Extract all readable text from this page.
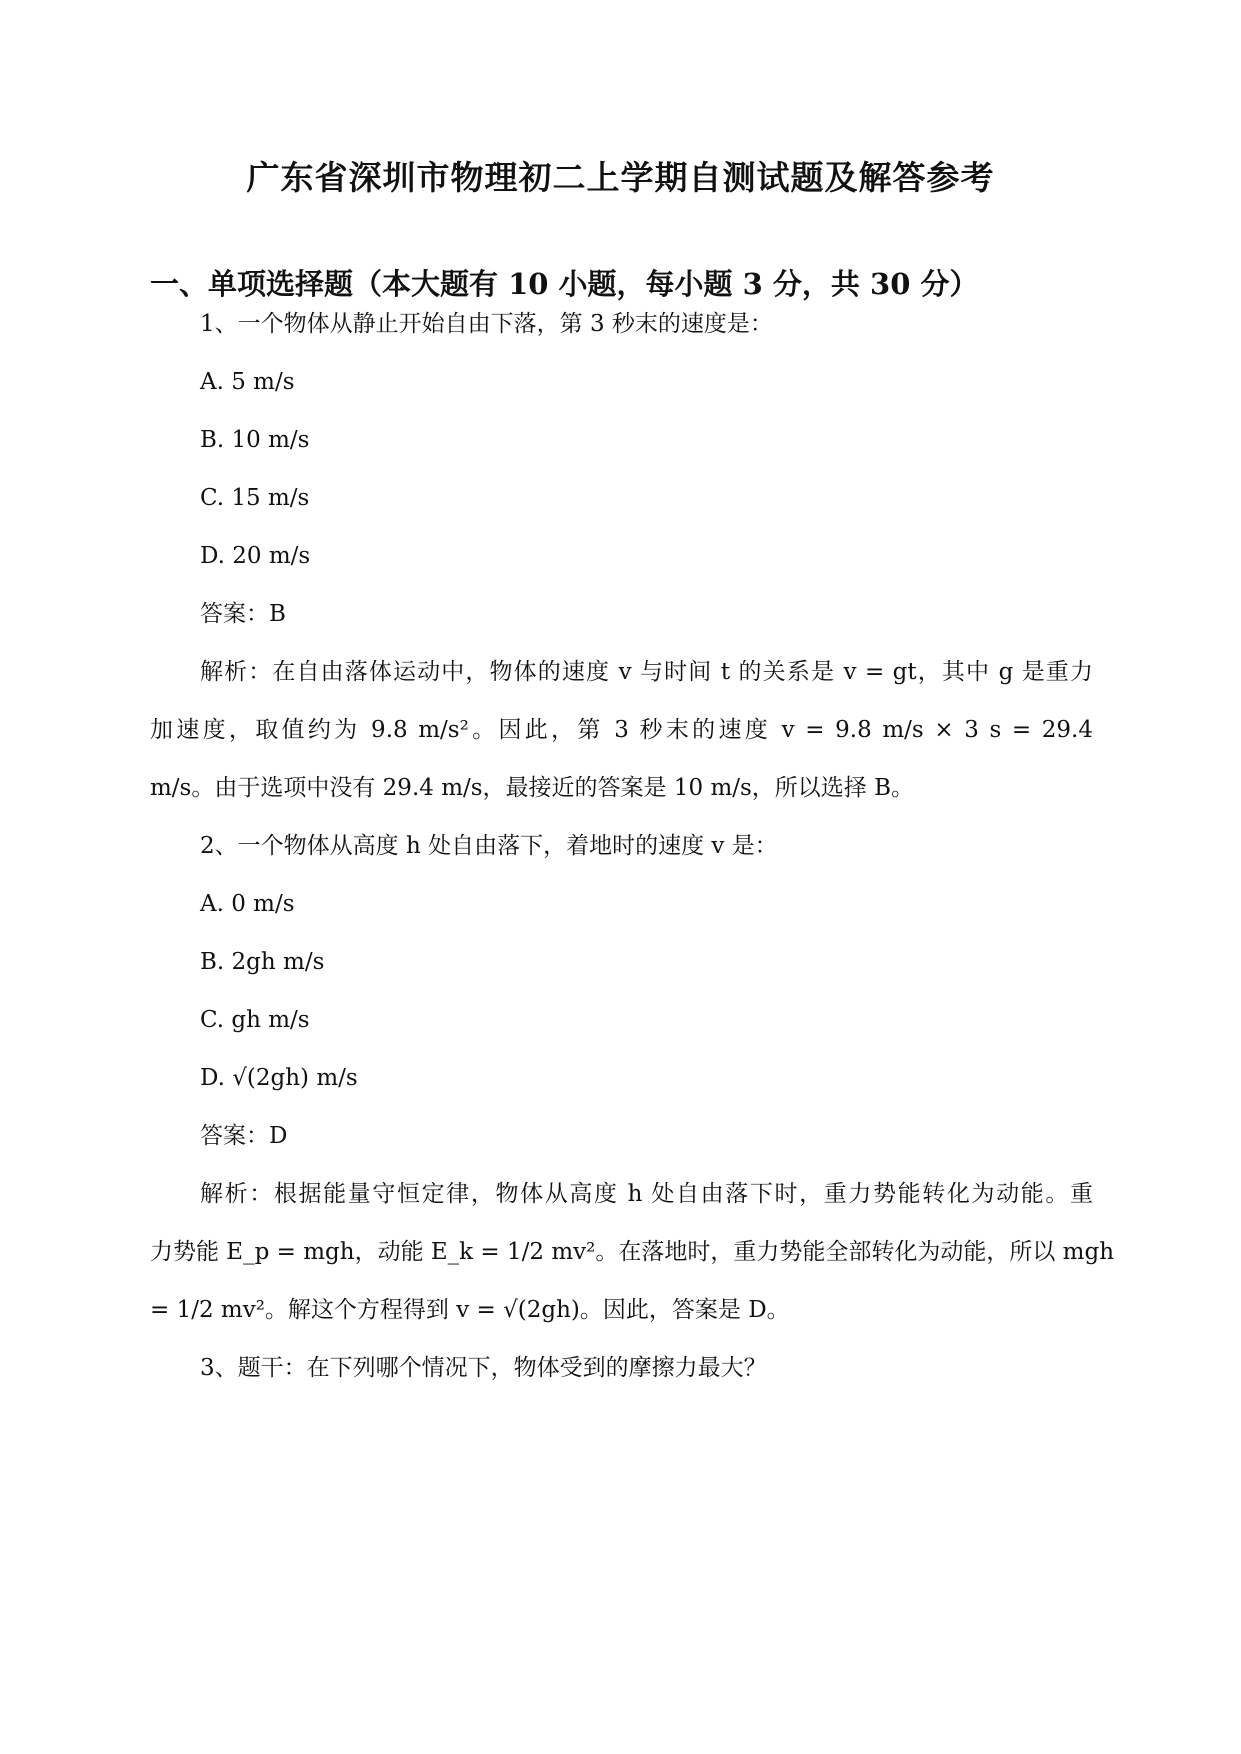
广东省深圳市物理初二上学期自测试题及解答参考
一、单项选择题（本大题有 10 小题，每小题 3 分，共 30 分）
1、一个物体从静止开始自由下落，第 3 秒末的速度是：
A. 5 m/s
B. 10 m/s
C. 15 m/s
D. 20 m/s
答案：B
解析：在自由落体运动中，物体的速度 v 与时间 t 的关系是 v = gt，其中 g 是重力
加速度，取值约为 9.8 m/s²。因此，第 3 秒末的速度 v = 9.8 m/s × 3 s = 29.4
m/s。由于选项中没有 29.4 m/s，最接近的答案是 10 m/s，所以选择 B。
2、一个物体从高度 h 处自由落下，着地时的速度 v 是：
A. 0 m/s
B. 2gh m/s
C. gh m/s
D. √(2gh) m/s
答案：D
解析：根据能量守恒定律，物体从高度 h 处自由落下时，重力势能转化为动能。重
力势能 E_p = mgh，动能 E_k = 1/2 mv²。在落地时，重力势能全部转化为动能，所以 mgh
= 1/2 mv²。解这个方程得到 v = √(2gh)。因此，答案是 D。
3、题干：在下列哪个情况下，物体受到的摩擦力最大？
